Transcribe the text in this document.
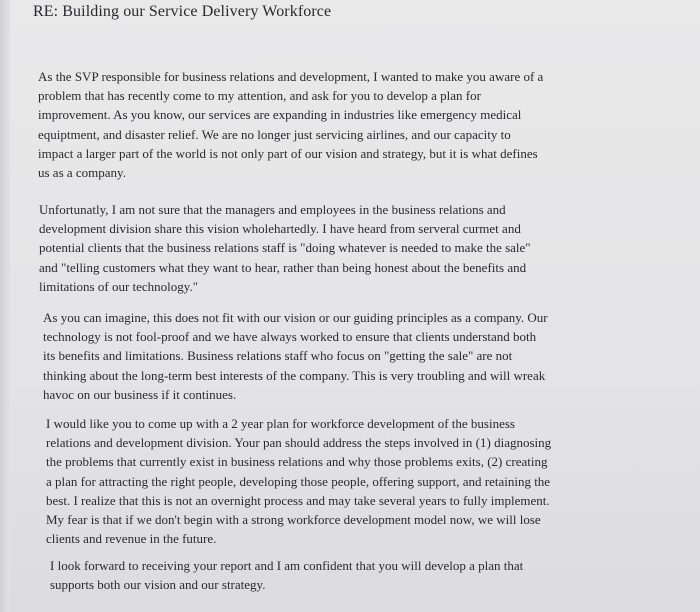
RE: Building our Service Delivery Workforce

As the SVP responsible for business relations and development, I wanted to make you aware of a
problem that has recently come to my attention, and ask for you to develop a plan for
improvement. As you know, our services are expanding in industries like emergency medical
equiptment, and disaster relief. We are no longer just servicing airlines, and our capacity to
impact a larger part of the world is not only part of our vision and strategy, but it is what defines
us as a company.

Unfortunatly, I am not sure that the managers and employees in the business relations and
development division share this vision wholehartedly. I have heard from serveral curmet and
potential clients that the business relations staff is "doing whatever is needed to make the sale"
and "telling customers what they want to hear, rather than being honest about the benefits and
limitations of our technology."

As you can imagine, this does not fit with our vision or our guiding principles as a company. Our
technology is not fool-proof and we have always worked to ensure that clients understand both
its benefits and limitations. Business relations staff who focus on "getting the sale" are not
thinking about the long-term best interests of the company. This is very troubling and will wreak
havoc on our business if it continues.

I would like you to come up with a 2 year plan for workforce development of the business
relations and development division. Your pan should address the steps involved in (1) diagnosing
the problems that currently exist in business relations and why those problems exits, (2) creating
a plan for attracting the right people, developing those people, offering support, and retaining the
best. I realize that this is not an overnight process and may take several years to fully implement.
My fear is that if we don't begin with a strong workforce development model now, we will lose
clients and revenue in the future.

I look forward to receiving your report and I am confident that you will develop a plan that
supports both our vision and our strategy.
